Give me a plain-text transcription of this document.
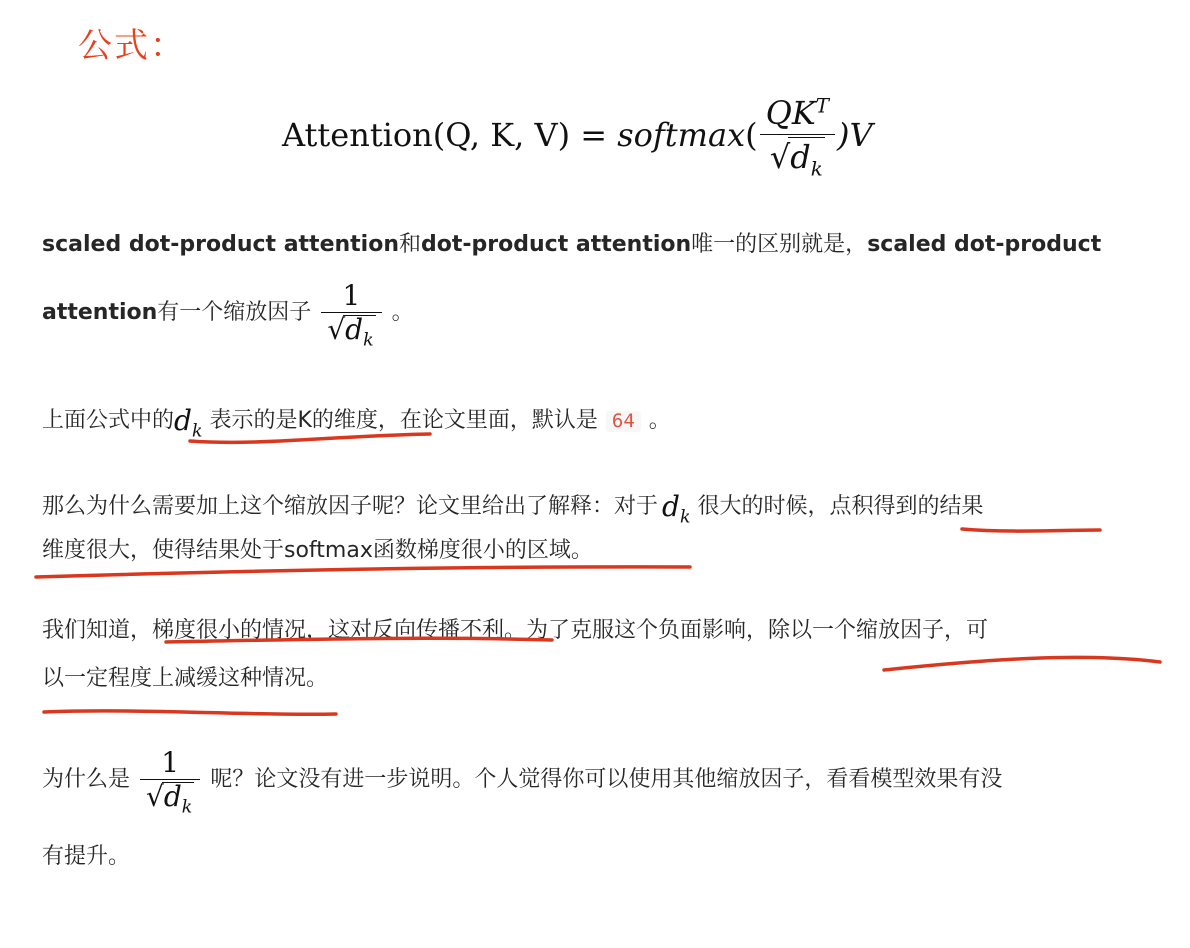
公式：
Attention(Q, K, V) = softmax ( $\frac{QK^T}{√ d_k} )V$
scaled dot-product attention和dot-product attention唯一的区别就是，scaled dot-product
attention 有一个缩放因子 $\frac{1}{√ d_k}$ 。
上面公式中的 $d_k$ 表示的是K的维度，在论文里面，默认是 64 。
那么为什么需要加上这个缩放因子呢？论文里给出了解释：对于 $d_k$ 很大的时候，点积得到的结果
维度很大，使得结果处于softmax函数梯度很小的区域。
我们知道，梯度很小的情况，这对反向传播不利。为了克服这个负面影响，除以一个缩放因子，可
以一定程度上减缓这种情况。
为什么是 $\frac{1}{√ d_k}$ 呢？论文没有进一步说明。个人觉得你可以使用其他缩放因子，看看模型效果有没
有提升。
